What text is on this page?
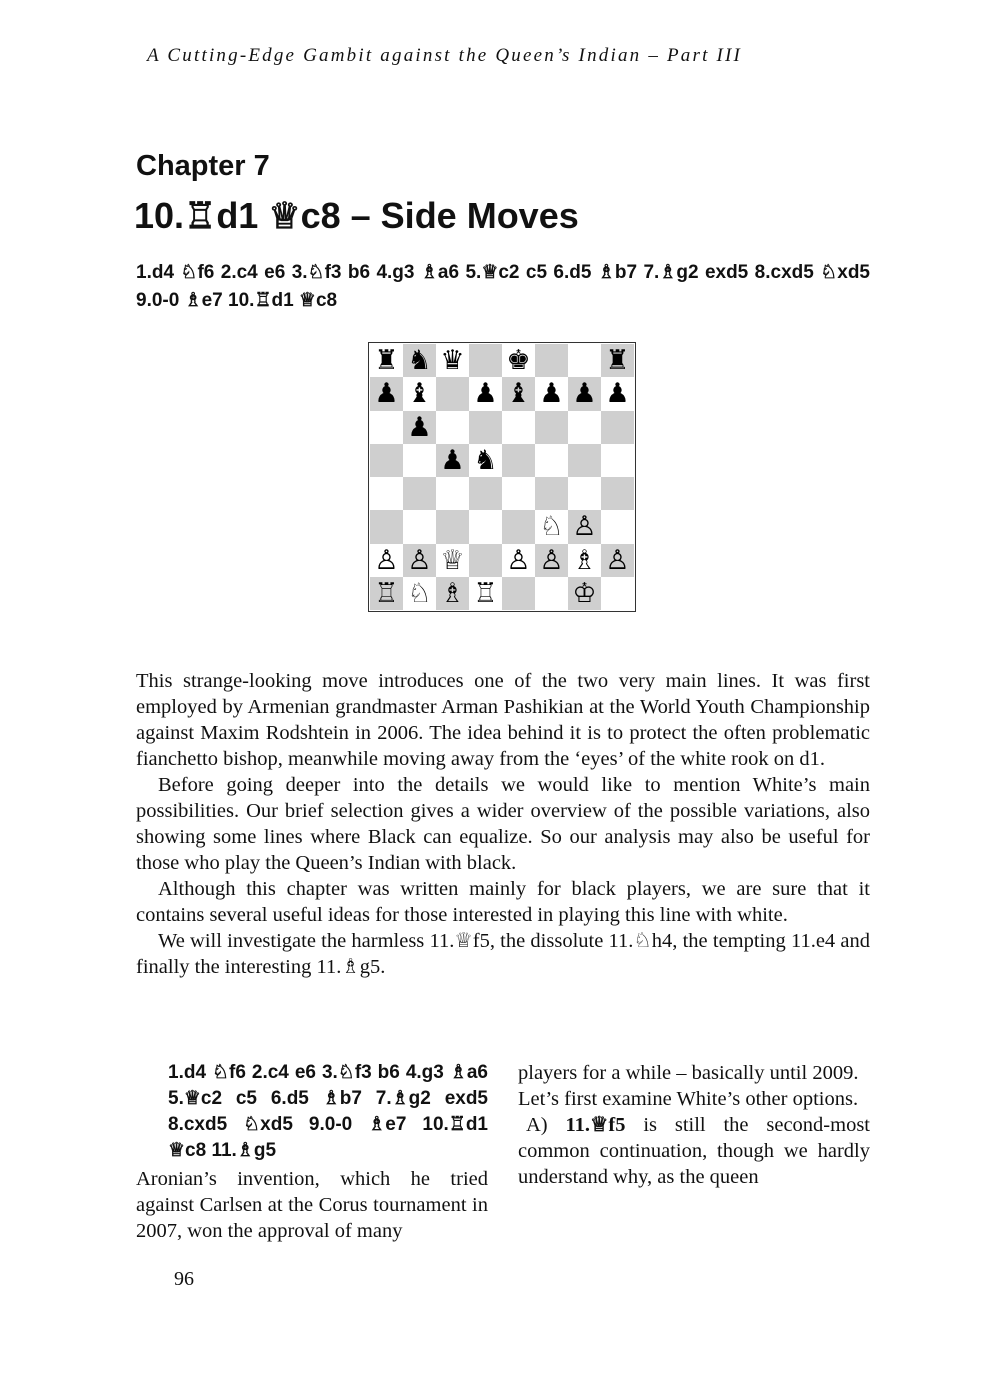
A Cutting-Edge Gambit against the Queen’s Indian – Part III
Chapter 7
10.♖d1 ♕c8 – Side Moves
1.d4 ♘f6 2.c4 e6 3.♘f3 b6 4.g3 ♗a6 5.♕c2 c5 6.d5 ♗b7 7.♗g2 exd5 8.cxd5 ♘xd5 9.0-0 ♗e7 10.♖d1 ♕c8
♜ ♞ ♛ ♚	♜
♟ ♝ ♟ ♝ ♟ ♟ ♟
♟
♟ ♞
♘ ♙
♙ ♙ ♕ ♙ ♙ ♗ ♙
♖ ♘ ♗ ♖	♔

This strange-looking move introduces one of the two very main lines. It was first employed by Armenian grandmaster Arman Pashikian at the World Youth Championship against Maxim Rodshtein in 2006. The idea behind it is to protect the often problematic fianchetto bishop, meanwhile moving away from the ‘eyes’ of the white rook on d1.

Before going deeper into the details we would like to mention White’s main possibilities. Our brief selection gives a wider overview of the possible variations, also showing some lines where Black can equalize. So our analysis may also be useful for those who play the Queen’s Indian with black.

Although this chapter was written mainly for black players, we are sure that it contains several useful ideas for those interested in playing this line with white.

We will investigate the harmless 11.♕f5, the dissolute 11.♘h4, the tempting 11.e4 and finally the interesting 11.♗g5.

1.d4 ♘f6 2.c4 e6 3.♘f3 b6 4.g3 ♗a6 5.♕c2 c5 6.d5 ♗b7 7.♗g2 exd5 8.cxd5 ♘xd5 9.0-0 ♗e7 10.♖d1 ♕c8 11.♗g5
Aronian’s invention, which he tried against Carlsen at the Corus tournament in 2007, won the approval of many

players for a while – basically until 2009.

Let’s first examine White’s other options.

A) 11.♕f5 is still the second-most common continuation, though we hardly understand why, as the queen

96
